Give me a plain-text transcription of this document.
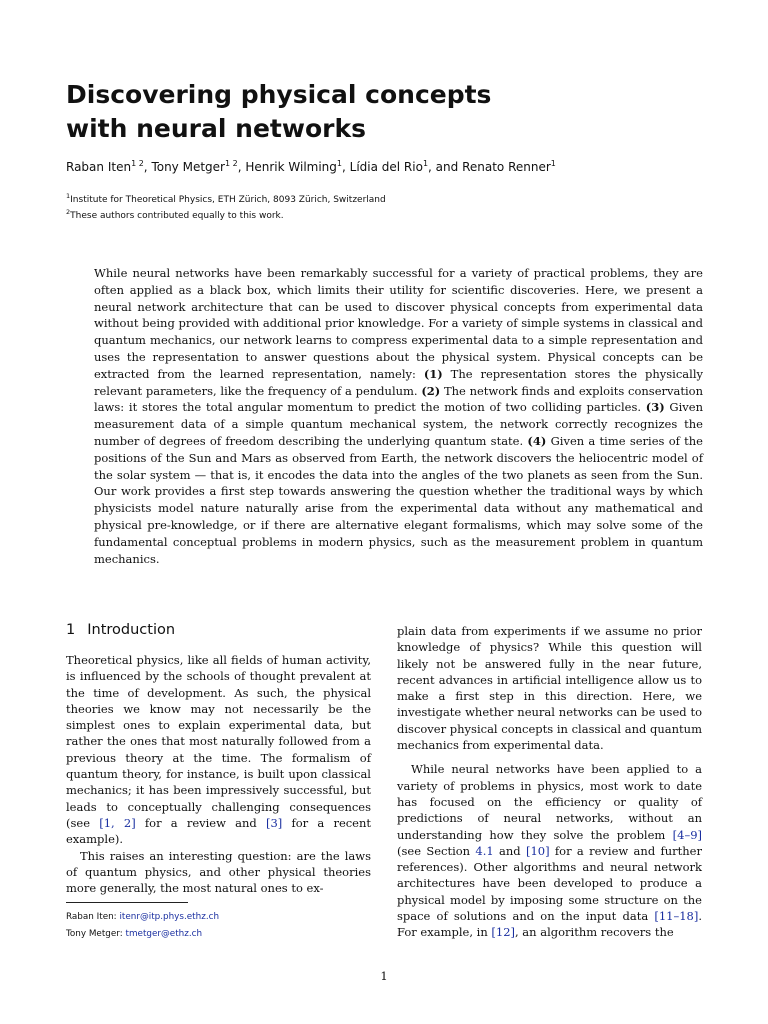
Discovering physical concepts
with neural networks
Raban Iten$^{1 2}$, Tony Metger$^{1 2}$, Henrik Wilming$^1$, Lídia del Rio$^1$, and Renato Renner$^1$
$^1$Institute for Theoretical Physics, ETH Zürich, 8093 Zürich, Switzerland
$^2$These authors contributed equally to this work.
While neural networks have been remarkably successful for a variety of practical problems, they are often applied as a black box, which limits their utility for scientific discoveries. Here, we present a neural network architecture that can be used to discover physical concepts from experimental data without being provided with additional prior knowledge. For a variety of simple systems in classical and quantum mechanics, our network learns to compress experimental data to a simple representation and uses the representation to answer questions about the physical system. Physical concepts can be extracted from the learned representation, namely: (1) The representation stores the physically relevant parameters, like the frequency of a pendulum. (2) The network finds and exploits conservation laws: it stores the total angular momentum to predict the motion of two colliding particles. (3) Given measurement data of a simple quantum mechanical system, the network correctly recognizes the number of degrees of freedom describing the underlying quantum state. (4) Given a time series of the positions of the Sun and Mars as observed from Earth, the network discovers the heliocentric model of the solar system — that is, it encodes the data into the angles of the two planets as seen from the Sun. Our work provides a first step towards answering the question whether the traditional ways by which physicists model nature naturally arise from the experimental data without any mathematical and physical pre-knowledge, or if there are alternative elegant formalisms, which may solve some of the fundamental conceptual problems in modern physics, such as the measurement problem in quantum mechanics.
1 Introduction

Theoretical physics, like all fields of human activity, is influenced by the schools of thought prevalent at the time of development. As such, the physical theories we know may not necessarily be the simplest ones to explain experimental data, but rather the ones that most naturally followed from a previous theory at the time. The formalism of quantum theory, for instance, is built upon classical mechanics; it has been impressively successful, but leads to conceptually challenging consequences (see [1, 2] for a review and [3] for a recent example).

This raises an interesting question: are the laws of quantum physics, and other physical theories more generally, the most natural ones to ex-

plain data from experiments if we assume no prior knowledge of physics? While this question will likely not be answered fully in the near future, recent advances in artificial intelligence allow us to make a first step in this direction. Here, we investigate whether neural networks can be used to discover physical concepts in classical and quantum mechanics from experimental data.

While neural networks have been applied to a variety of problems in physics, most work to date has focused on the efficiency or quality of predictions of neural networks, without an understanding how they solve the problem [4–9] (see Section 4.1 and [10] for a review and further references). Other algorithms and neural network architectures have been developed to produce a physical model by imposing some structure on the space of solutions and on the input data [11–18]. For example, in [12], an algorithm recovers the

Raban Iten: itenr@itp.phys.ethz.ch
Tony Metger: tmetger@ethz.ch
1
